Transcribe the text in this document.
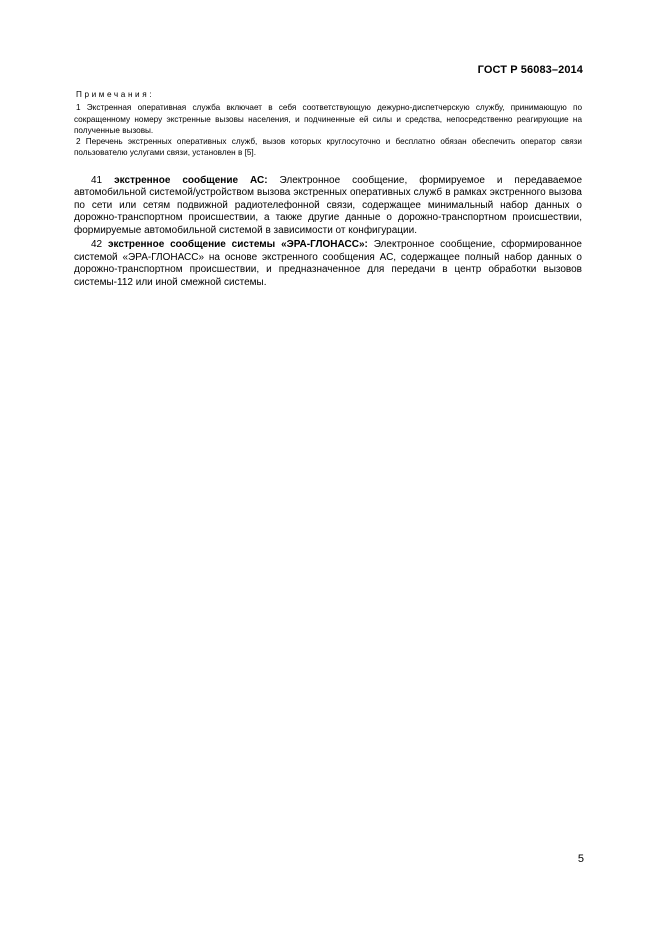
ГОСТ Р 56083–2014
Примечания:

1 Экстренная оперативная служба включает в себя соответствующую дежурно-диспетчерскую службу, принимающую по сокращенному номеру экстренные вызовы населения, и подчиненные ей силы и средства, непосредственно реагирующие на полученные вызовы.

2 Перечень экстренных оперативных служб, вызов которых круглосуточно и бесплатно обязан обеспечить оператор связи пользователю услугами связи, установлен в [5].

41 экстренное сообщение АС: Электронное сообщение, формируемое и передаваемое автомобильной системой/устройством вызова экстренных оперативных служб в рамках экстренного вызова по сети или сетям подвижной радиотелефонной связи, содержащее минимальный набор данных о дорожно-транспортном происшествии, а также другие данные о дорожно-транспортном происшествии, формируемые автомобильной системой в зависимости от конфигурации.

42 экстренное сообщение системы «ЭРА-ГЛОНАСС»: Электронное сообщение, сформированное системой «ЭРА-ГЛОНАСС» на основе экстренного сообщения АС, содержащее полный набор данных о дорожно-транспортном происшествии, и предназначенное для передачи в центр обработки вызовов системы-112 или иной смежной системы.

5
